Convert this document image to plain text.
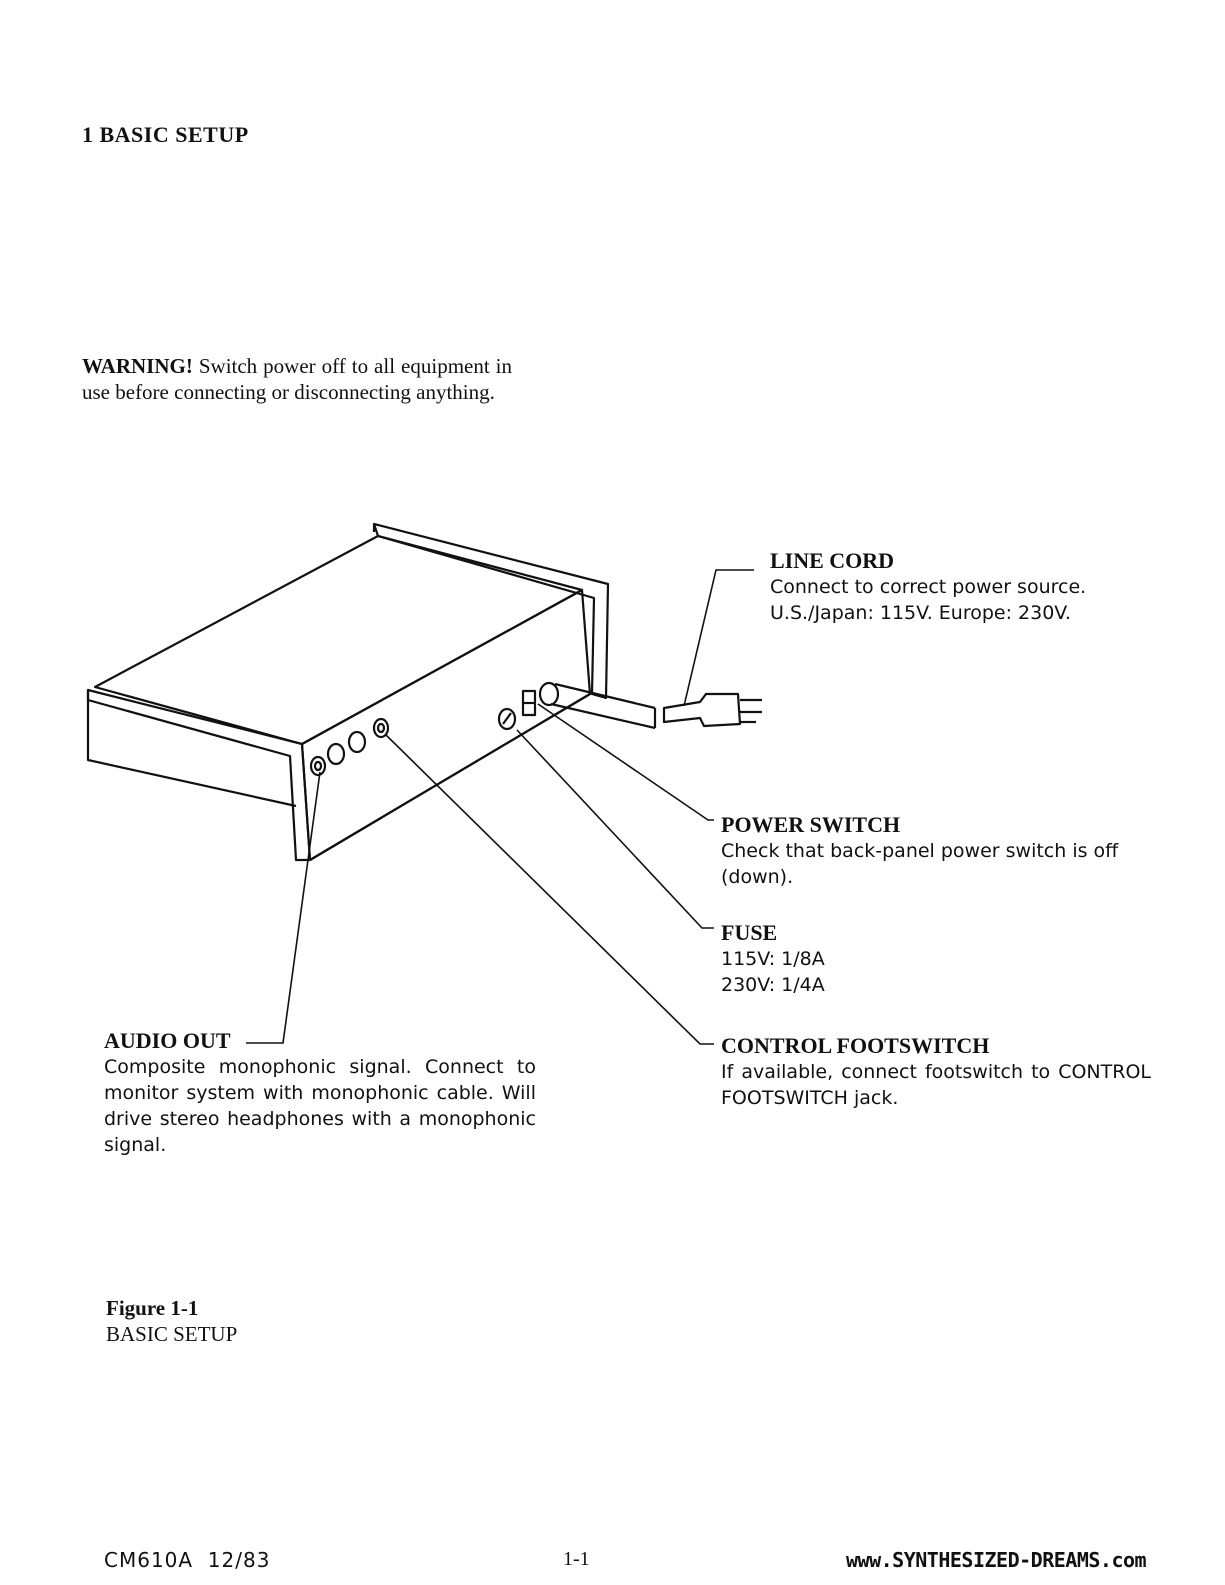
1 BASIC SETUP
WARNING! Switch power off to all equipment in use before connecting or disconnecting anything.
LINE CORD
Connect to correct power source.
U.S./Japan: 115V. Europe: 230V.
POWER SWITCH
Check that back-panel power switch is off (down).
FUSE
115V: 1/8A
230V: 1/4A
CONTROL FOOTSWITCH
If available, connect footswitch to CONTROL FOOTSWITCH jack.
AUDIO OUT
Composite monophonic signal. Connect to monitor system with monophonic cable. Will drive stereo headphones with a monophonic signal.
Figure 1-1
BASIC SETUP
CM610A  12/83	1-1	www.SYNTHESIZED-DREAMS.com
